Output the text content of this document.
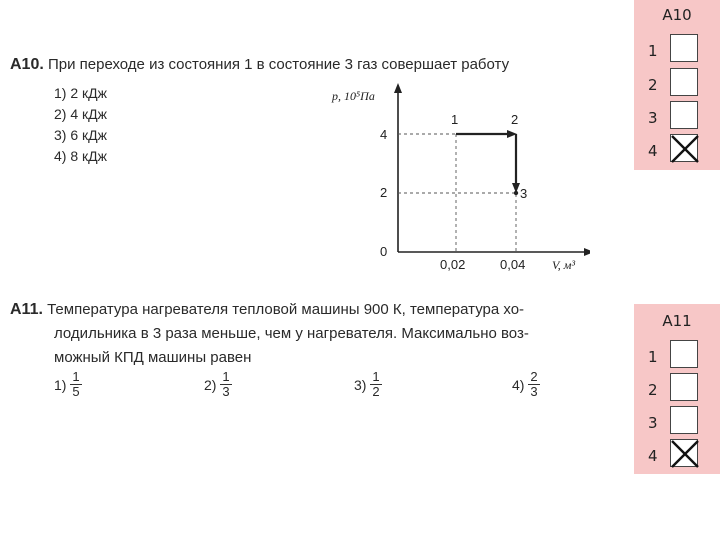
A10. При переходе из состояния 1 в состояние 3 газ совершает работу
1) 2 кДж
2) 4 кДж
3) 6 кДж
4) 8 кДж
p, 10⁵Па
4
2
0
0,02	0,04 V, м³
1	2
3
A11. Температура нагревателя тепловой машины 900 К, температура хо-
лодильника в 3 раза меньше, чем у нагревателя. Максимально воз-
можный КПД машины равен
$1) \frac{1}{5}$	$2) \frac{1}{3}$	$3) \frac{1}{2}$	$4) \frac{2}{3}$
A10
1
2
3
4
A11
1
2
3
4
